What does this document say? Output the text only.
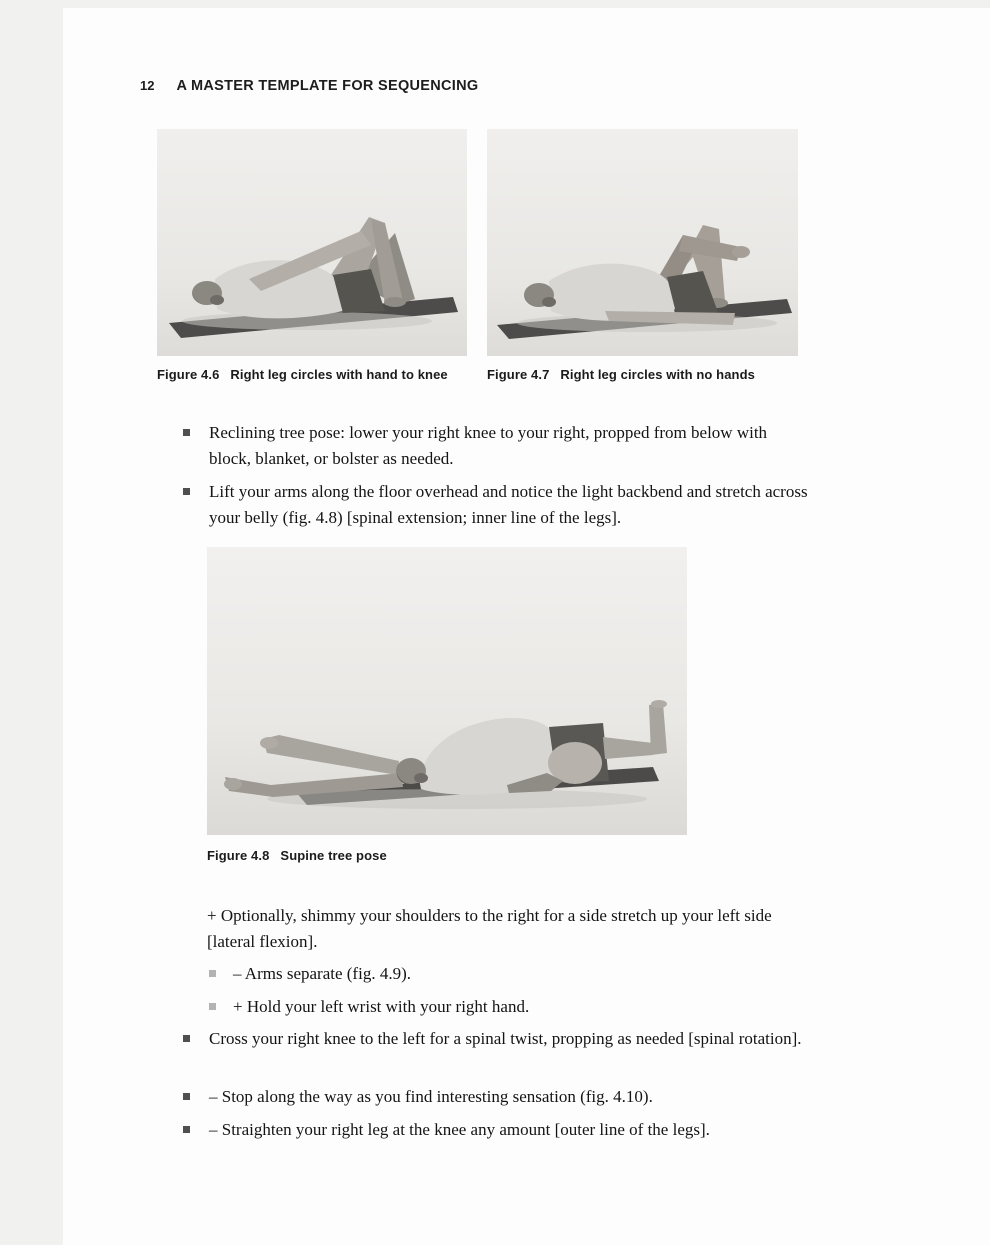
12 A MASTER TEMPLATE FOR SEQUENCING
Figure 4.6 Right leg circles with hand to knee	Figure 4.7 Right leg circles with no hands
Reclining tree pose: lower your right knee to your right, propped from below with block, blanket, or bolster as needed.
Lift your arms along the floor overhead and notice the light backbend and stretch across your belly (fig. 4.8) [spinal extension; inner line of the legs].
Figure 4.8 Supine tree pose
+ Optionally, shimmy your shoulders to the right for a side stretch up your left side [lateral flexion].
– Arms separate (fig. 4.9).
+ Hold your left wrist with your right hand.
Cross your right knee to the left for a spinal twist, propping as needed [spinal rotation].
– Stop along the way as you find interesting sensation (fig. 4.10).
– Straighten your right leg at the knee any amount [outer line of the legs].
